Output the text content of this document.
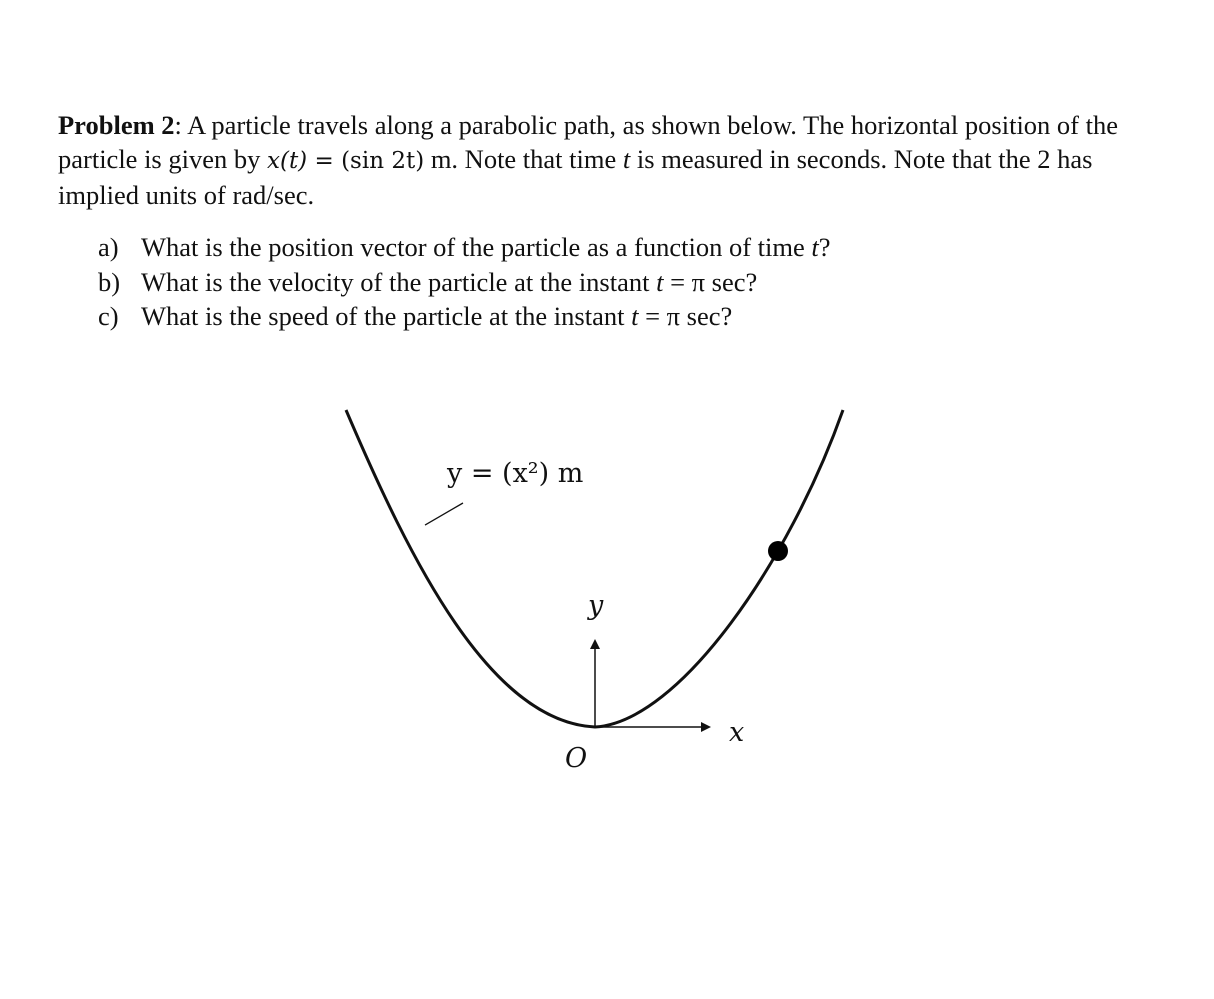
Problem 2: A particle travels along a parabolic path, as shown below. The horizontal position of the particle is given by x(t) = (sin 2t) m. Note that time t is measured in seconds. Note that the 2 has implied units of rad/sec.
a) What is the position vector of the particle as a function of time t?
b) What is the velocity of the particle at the instant t = π sec?
c) What is the speed of the particle at the instant t = π sec?
y = (x²) m
y
x
O
